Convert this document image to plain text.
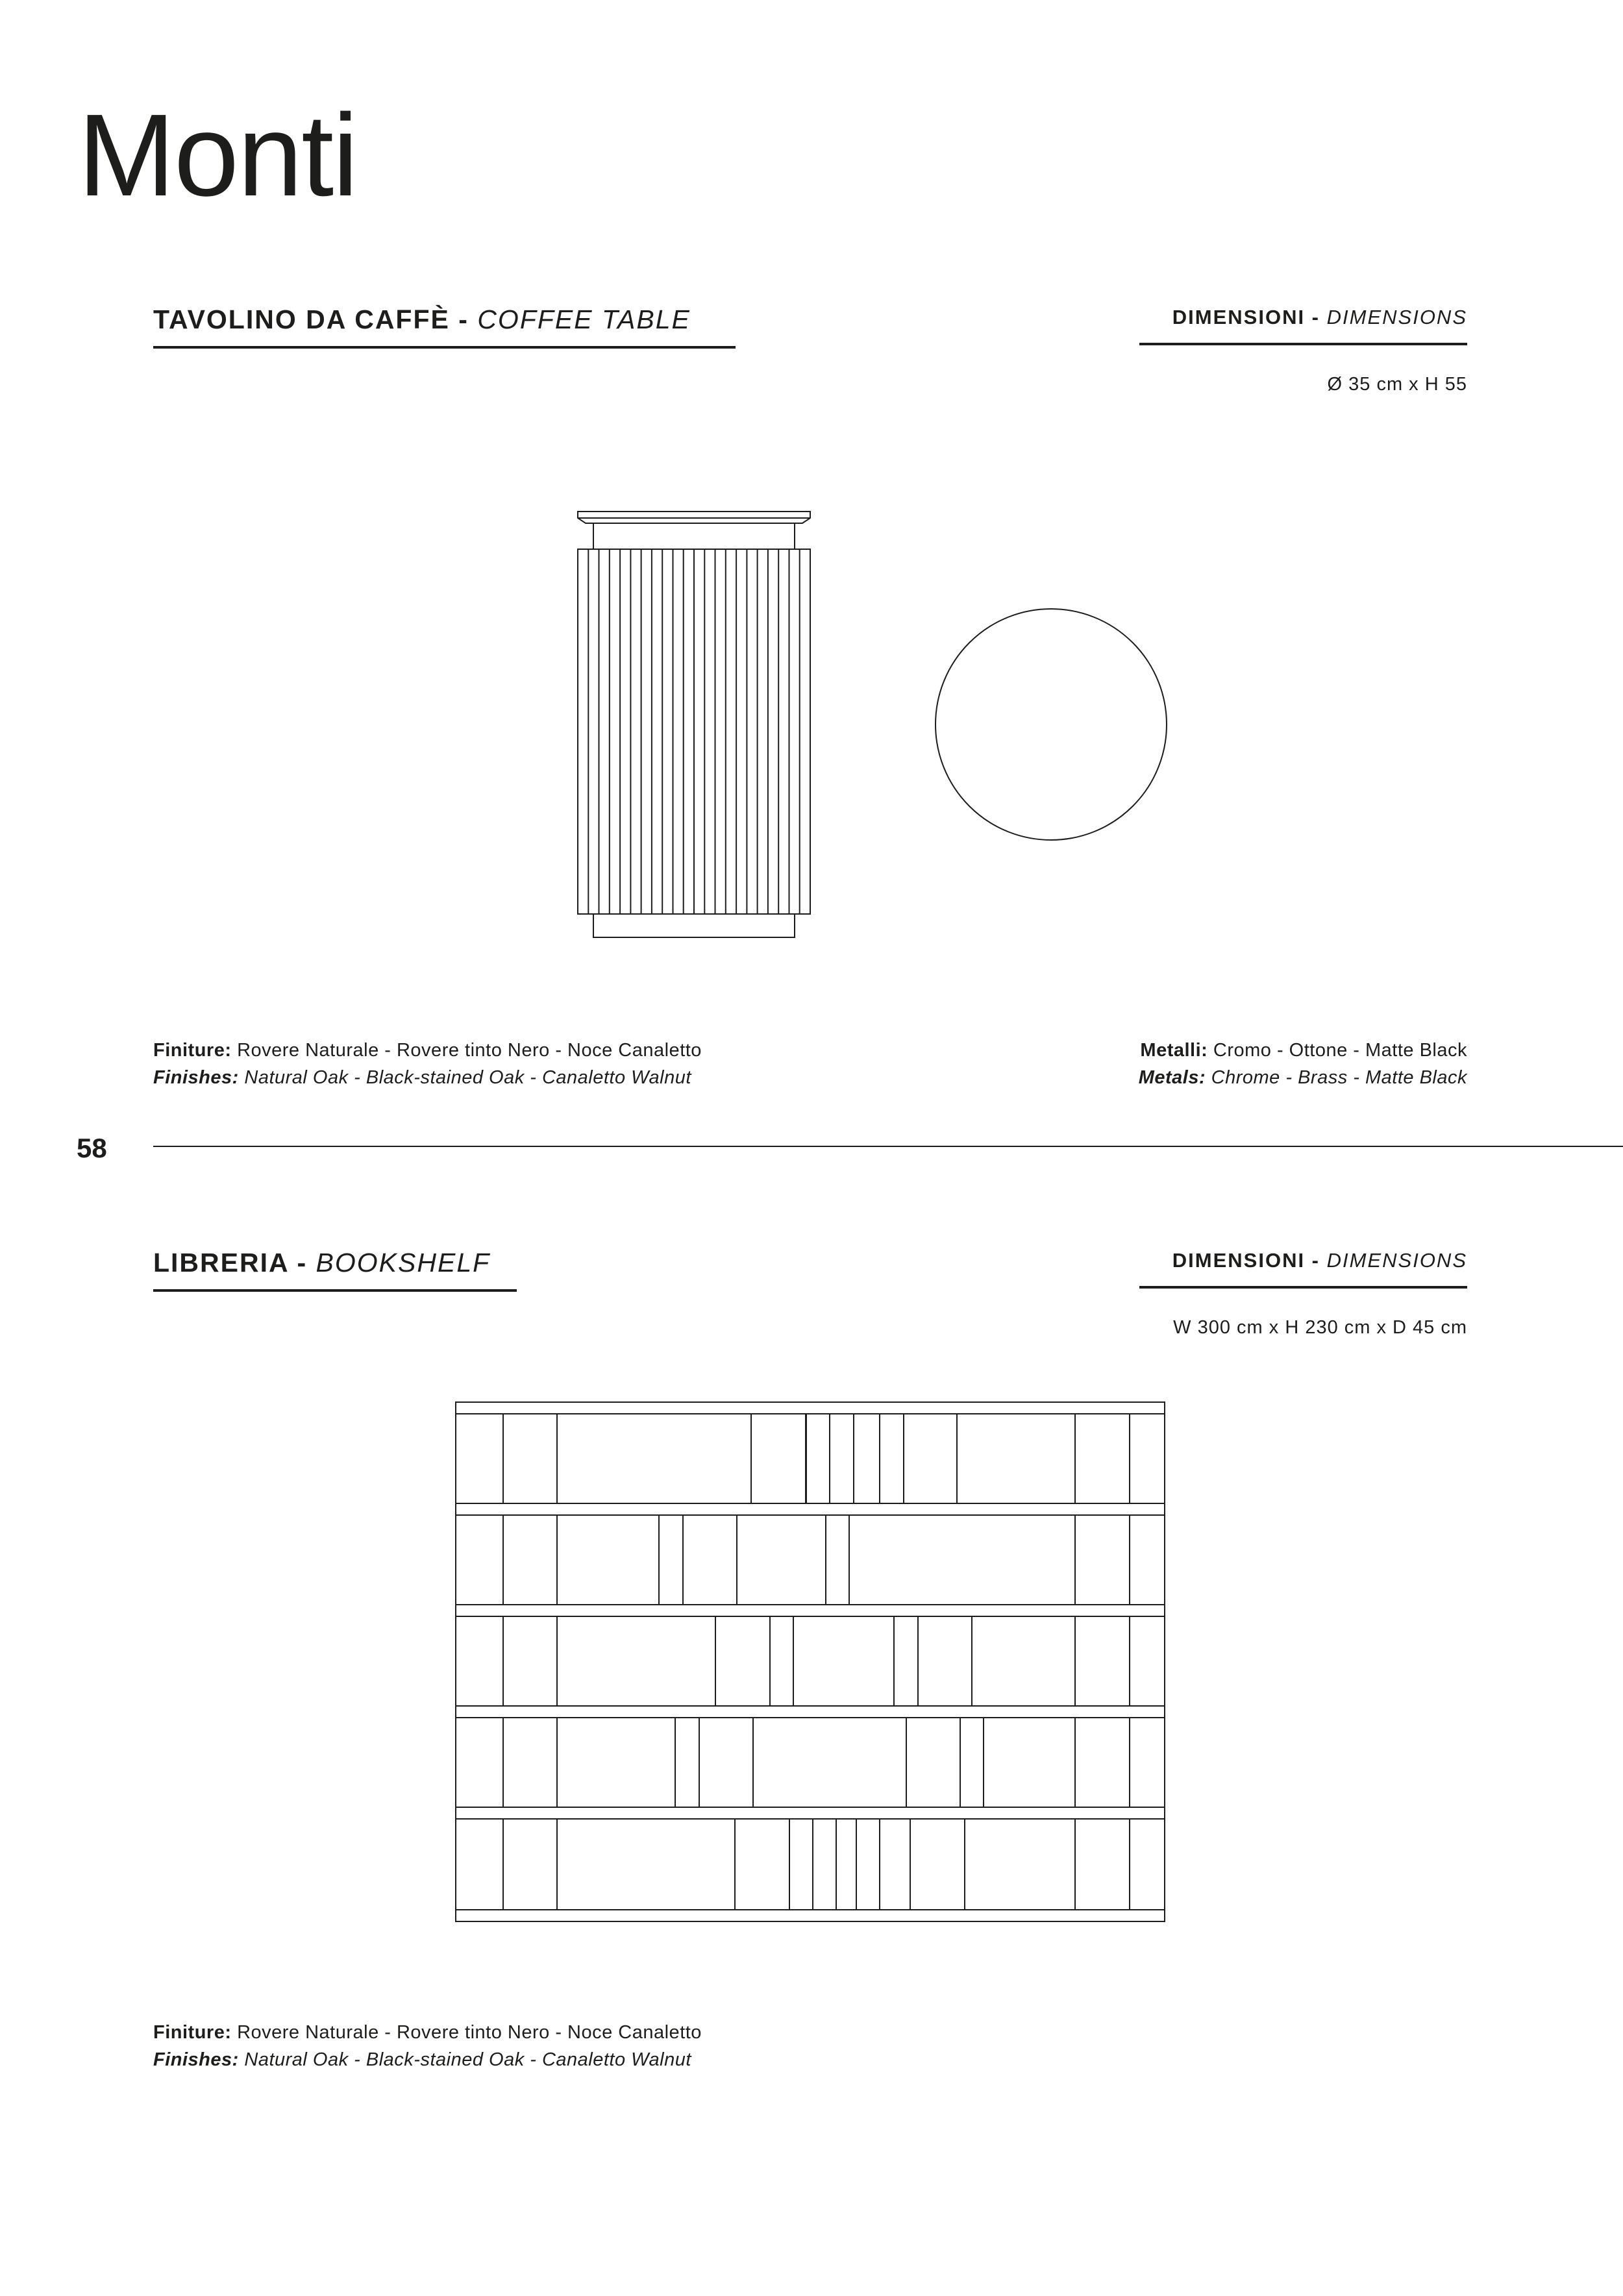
Monti
TAVOLINO DA CAFFÈ - COFFEE TABLE	DIMENSIONI - DIMENSIONS
Ø 35 cm x H 55
Finiture: Rovere Naturale - Rovere tinto Nero - Noce Canaletto
Finishes: Natural Oak - Black-stained Oak - Canaletto Walnut
Metalli: Cromo - Ottone - Matte Black
Metals: Chrome - Brass - Matte Black
58
LIBRERIA - BOOKSHELF	DIMENSIONI - DIMENSIONS
W 300 cm x H 230 cm x D 45 cm
Finiture: Rovere Naturale - Rovere tinto Nero - Noce Canaletto
Finishes: Natural Oak - Black-stained Oak - Canaletto Walnut
